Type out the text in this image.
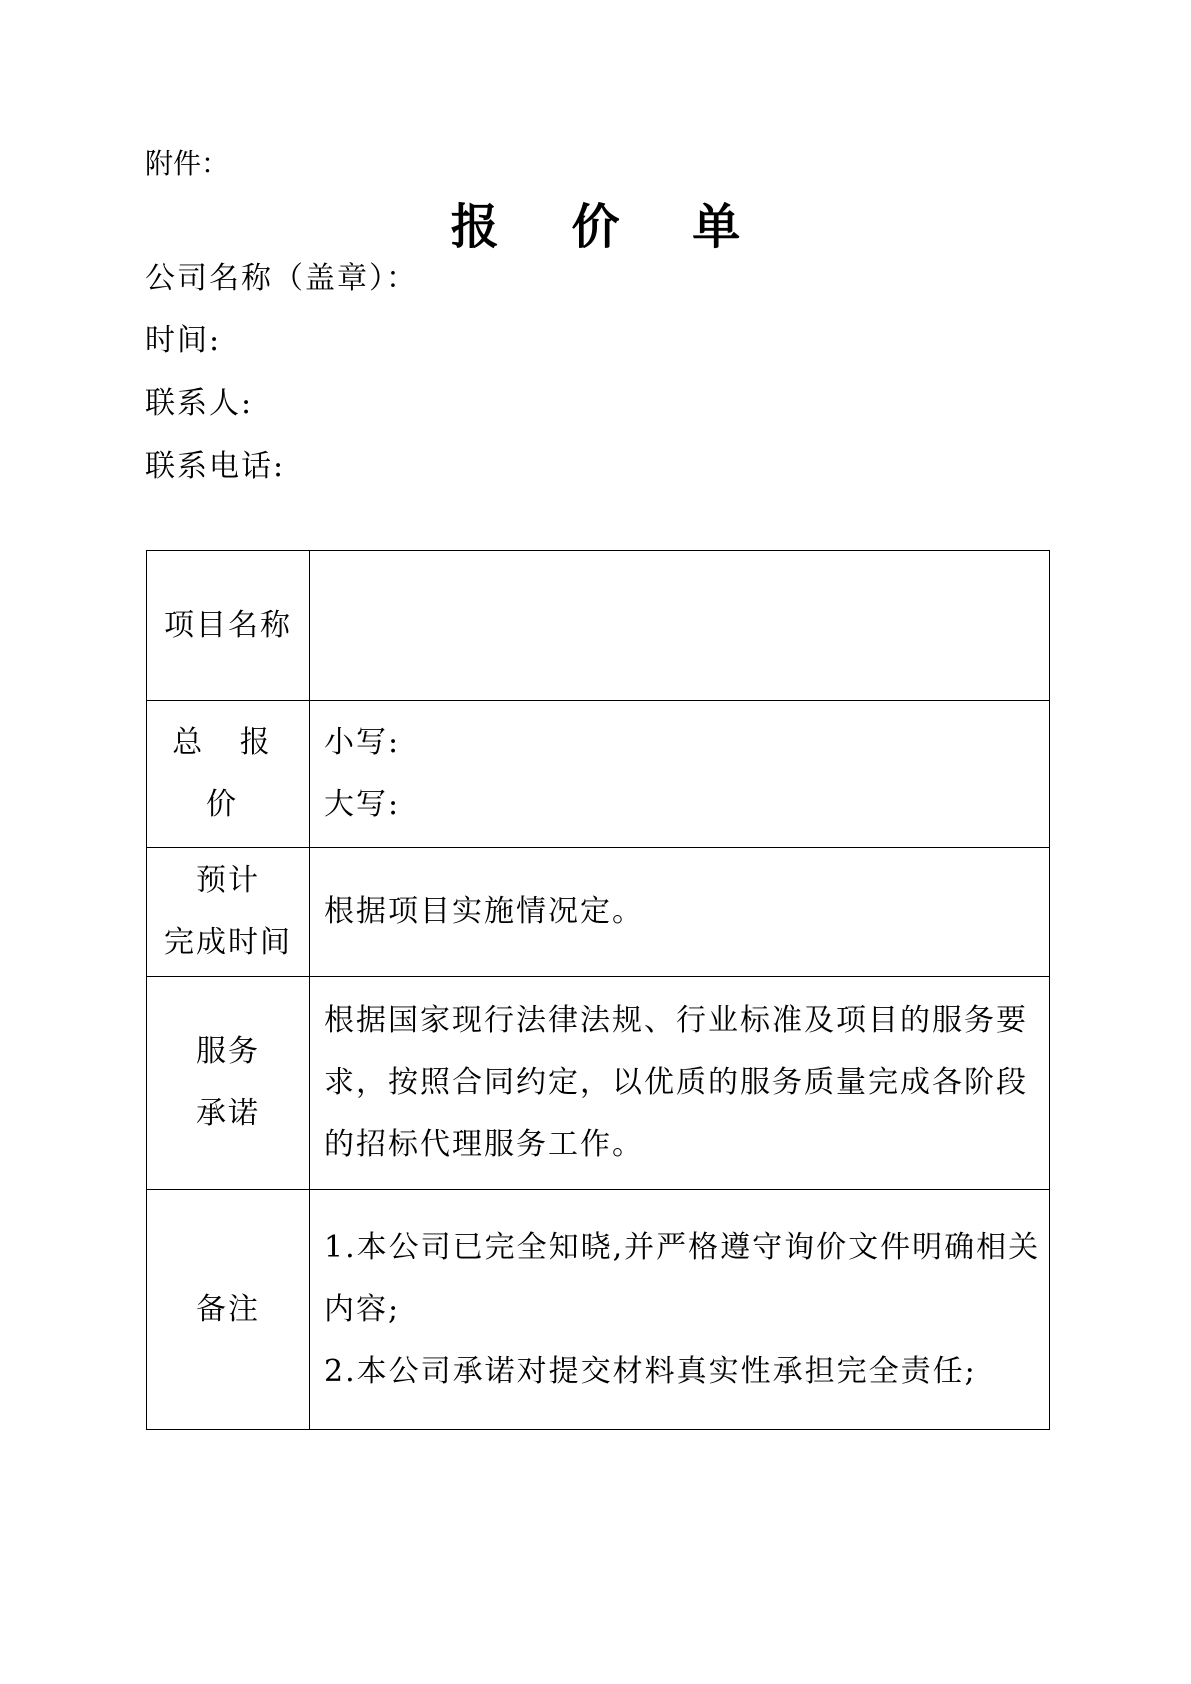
附件：
报 价 单
公司名称（盖章）：
时间:
联系人:
联系电话:
项目名称	
总 报 价	小写:
大写:

预计
完成时间	根据项目实施情况定。

服务
承诺	根据国家现行法律法规、行业标准及项目的服务要
求，按照合同约定，以优质的服务质量完成各阶段
的招标代理服务工作。

备注	1.本公司已完全知晓,并严格遵守询价文件明确相关
内容;
2.本公司承诺对提交材料真实性承担完全责任;
